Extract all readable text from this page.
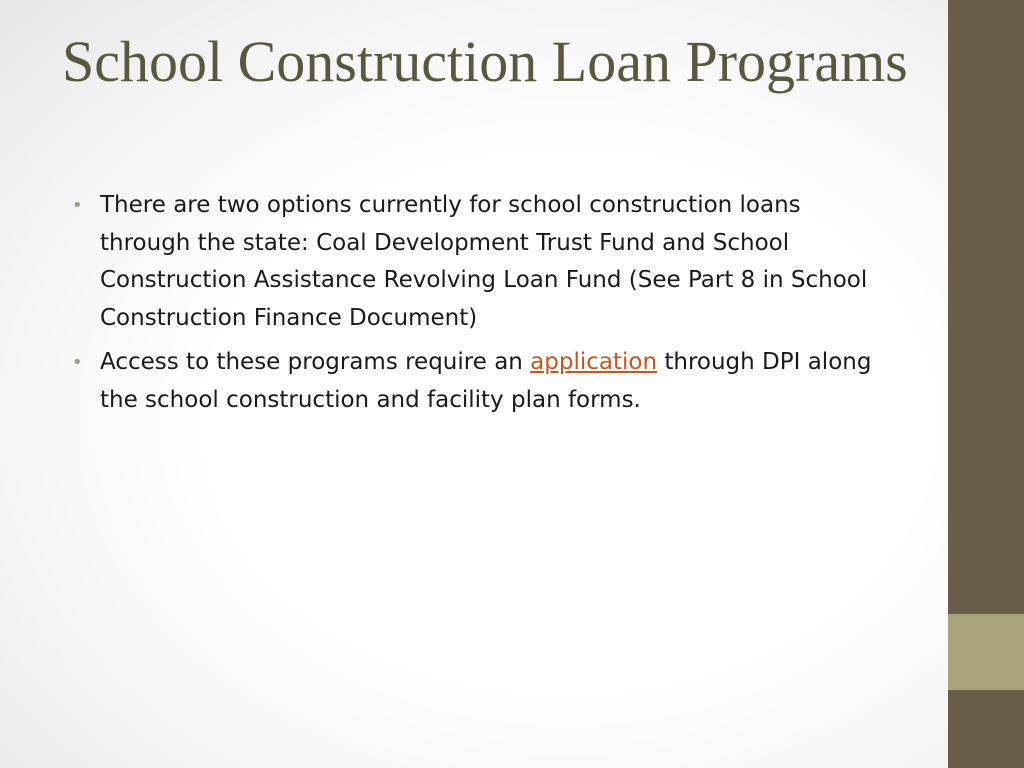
School Construction Loan Programs
• There are two options currently for school construction loans through the state: Coal Development Trust Fund and School Construction Assistance Revolving Loan Fund (See Part 8 in School Construction Finance Document)
• Access to these programs require an application through DPI along the school construction and facility plan forms.
